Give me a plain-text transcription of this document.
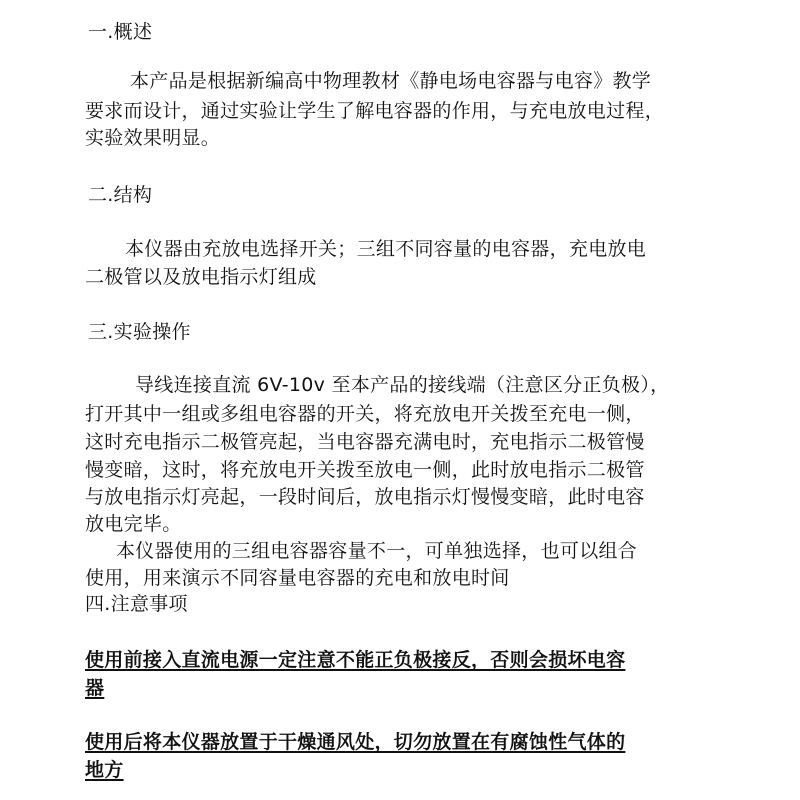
一.概述
本产品是根据新编高中物理教材《静电场电容器与电容》教学
要求而设计，通过实验让学生了解电容器的作用，与充电放电过程，
实验效果明显。
二.结构
本仪器由充放电选择开关；三组不同容量的电容器，充电放电
二极管以及放电指示灯组成
三.实验操作
导线连接直流 6V-10v 至本产品的接线端（注意区分正负极），
打开其中一组或多组电容器的开关，将充放电开关拨至充电一侧，
这时充电指示二极管亮起，当电容器充满电时，充电指示二极管慢
慢变暗，这时，将充放电开关拨至放电一侧，此时放电指示二极管
与放电指示灯亮起，一段时间后，放电指示灯慢慢变暗，此时电容
放电完毕。
本仪器使用的三组电容器容量不一，可单独选择，也可以组合
使用，用来演示不同容量电容器的充电和放电时间
四.注意事项
使用前接入直流电源一定注意不能正负极接反，否则会损坏电容
器
使用后将本仪器放置于干燥通风处，切勿放置在有腐蚀性气体的
地方
